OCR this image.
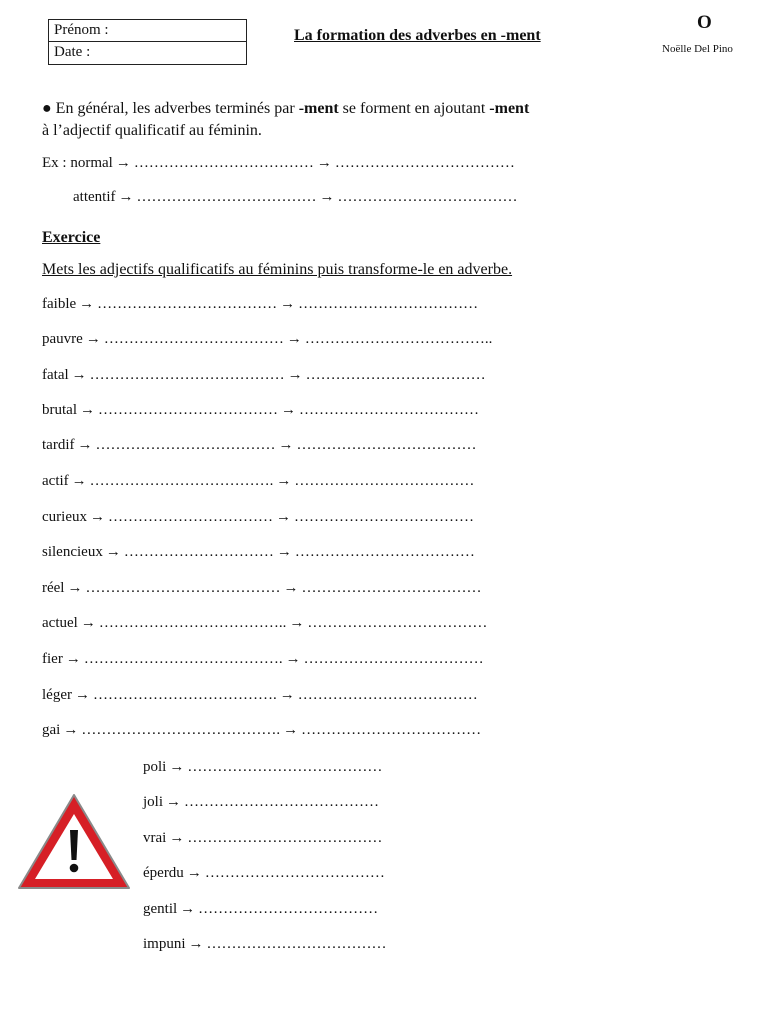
Prénom :
Date :
La formation des adverbes en -ment
O
Noëlle Del Pino
● En général, les adverbes terminés par -ment se forment en ajoutant -ment
à l’adjectif qualificatif au féminin.
Ex : normal → ……………………………… → ………………………………
attentif → ……………………………… → ………………………………
Exercice
Mets les adjectifs qualificatifs au féminins puis transforme-le en adverbe.
faible → ……………………………… → ………………………………
pauvre → ……………………………… → ………………………………..
fatal → ………………………………… → ………………………………
brutal → ……………………………… → ………………………………
tardif → ……………………………… → ………………………………
actif → ………………………………. → ………………………………
curieux → …………………………… → ………………………………
silencieux → ………………………… → ………………………………
réel → ………………………………… → ………………………………
actuel → ……………………………….. → ………………………………
fier → …………………………………. → ………………………………
léger → ………………………………. → ………………………………
gai → …………………………………. → ………………………………
poli → …………………………………
joli → …………………………………
vrai → …………………………………
éperdu → ………………………………
gentil → ………………………………
impuni → ………………………………
